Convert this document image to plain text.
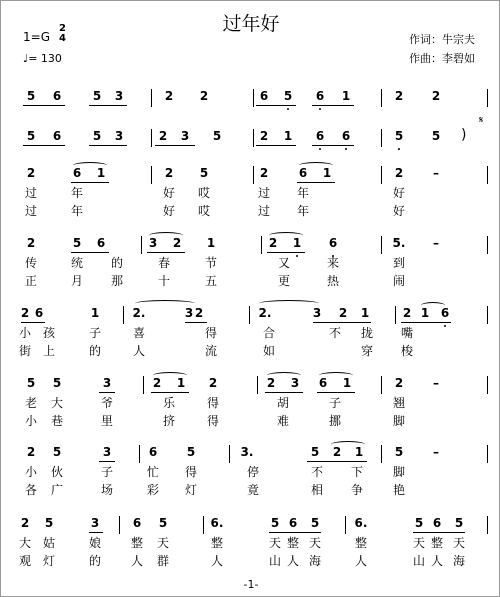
过年好
1=G
2
4
♩= 130
作词：牛宗夫
作曲：李碧如
5 6	5 3	2 2	6 5 6 1	2 2
5 6	5 3	2 3 5	2 1 6 6	5 5 )
𝄋
2	6 1	2 5	2	6 1	2 –
过	年	好 哎	过 年	好
过	年	好 哎	过 年	好
2	5 6	3 2 1	2 1 6	5. –
传	统 的	春	节	又	来	到
正	月 那	十	五	更	热	闹
2 6	1	2.	3 2	2.	3 2 1	2 1 6
小 孩	子	喜	得	合	不 拢 嘴
街 上	的	人	流	如	穿 梭
5 5	3	2 1 2	2 3 6 1	2 –
老 大	爷	乐	得	胡	子	翘
小 巷	里	挤	得	难	挪	脚
2 5	3	6 5	3.	5 2 1	5 –
小 伙	子	忙 得	停	不 下 脚
各 广	场	彩 灯	竟	相 争 艳
2 5	3	6 5	6.	5 6 5	6.	5 6 5
大 姑	娘 整 天	整	天 整 天	整	天 整 天
观 灯	的 人 群	人	山 人 海	人	山 人 海
-1-
